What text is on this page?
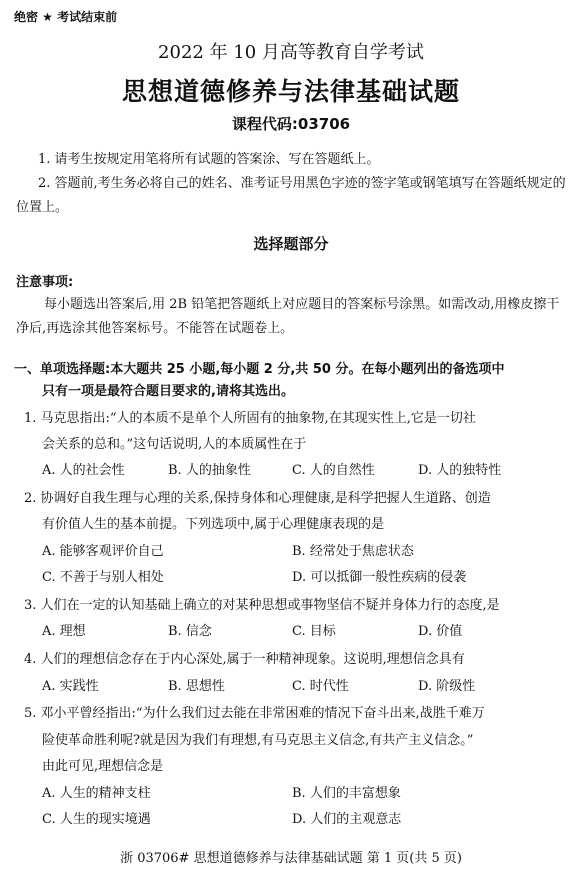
绝密 ★ 考试结束前
2022 年 10 月高等教育自学考试
思想道德修养与法律基础试题
课程代码:03706
1. 请考生按规定用笔将所有试题的答案涂、写在答题纸上。
2. 答题前,考生务必将自己的姓名、准考证号用黑色字迹的签字笔或钢笔填写在答题纸规定的位置上。
选择题部分
注意事项:
每小题选出答案后,用 2B 铅笔把答题纸上对应题目的答案标号涂黑。如需改动,用橡皮擦干净后,再选涂其他答案标号。不能答在试题卷上。
一、单项选择题:本大题共 25 小题,每小题 2 分,共 50 分。在每小题列出的备选项中
只有一项是最符合题目要求的,请将其选出。
1. 马克思指出:“人的本质不是单个人所固有的抽象物,在其现实性上,它是一切社
会关系的总和。”这句话说明,人的本质属性在于
A. 人的社会性	B. 人的抽象性	C. 人的自然性	D. 人的独特性
2. 协调好自我生理与心理的关系,保持身体和心理健康,是科学把握人生道路、创造
有价值人生的基本前提。下列选项中,属于心理健康表现的是
A. 能够客观评价自己	B. 经常处于焦虑状态
C. 不善于与别人相处	D. 可以抵御一般性疾病的侵袭
3. 人们在一定的认知基础上确立的对某种思想或事物坚信不疑并身体力行的态度,是
A. 理想	B. 信念	C. 目标	D. 价值
4. 人们的理想信念存在于内心深处,属于一种精神现象。这说明,理想信念具有
A. 实践性	B. 思想性	C. 时代性	D. 阶级性
5. 邓小平曾经指出:“为什么我们过去能在非常困难的情况下奋斗出来,战胜千难万
险使革命胜利呢?就是因为我们有理想,有马克思主义信念,有共产主义信念。”
由此可见,理想信念是
A. 人生的精神支柱	B. 人们的丰富想象
C. 人生的现实境遇	D. 人们的主观意志
浙 03706# 思想道德修养与法律基础试题 第 1 页(共 5 页)
